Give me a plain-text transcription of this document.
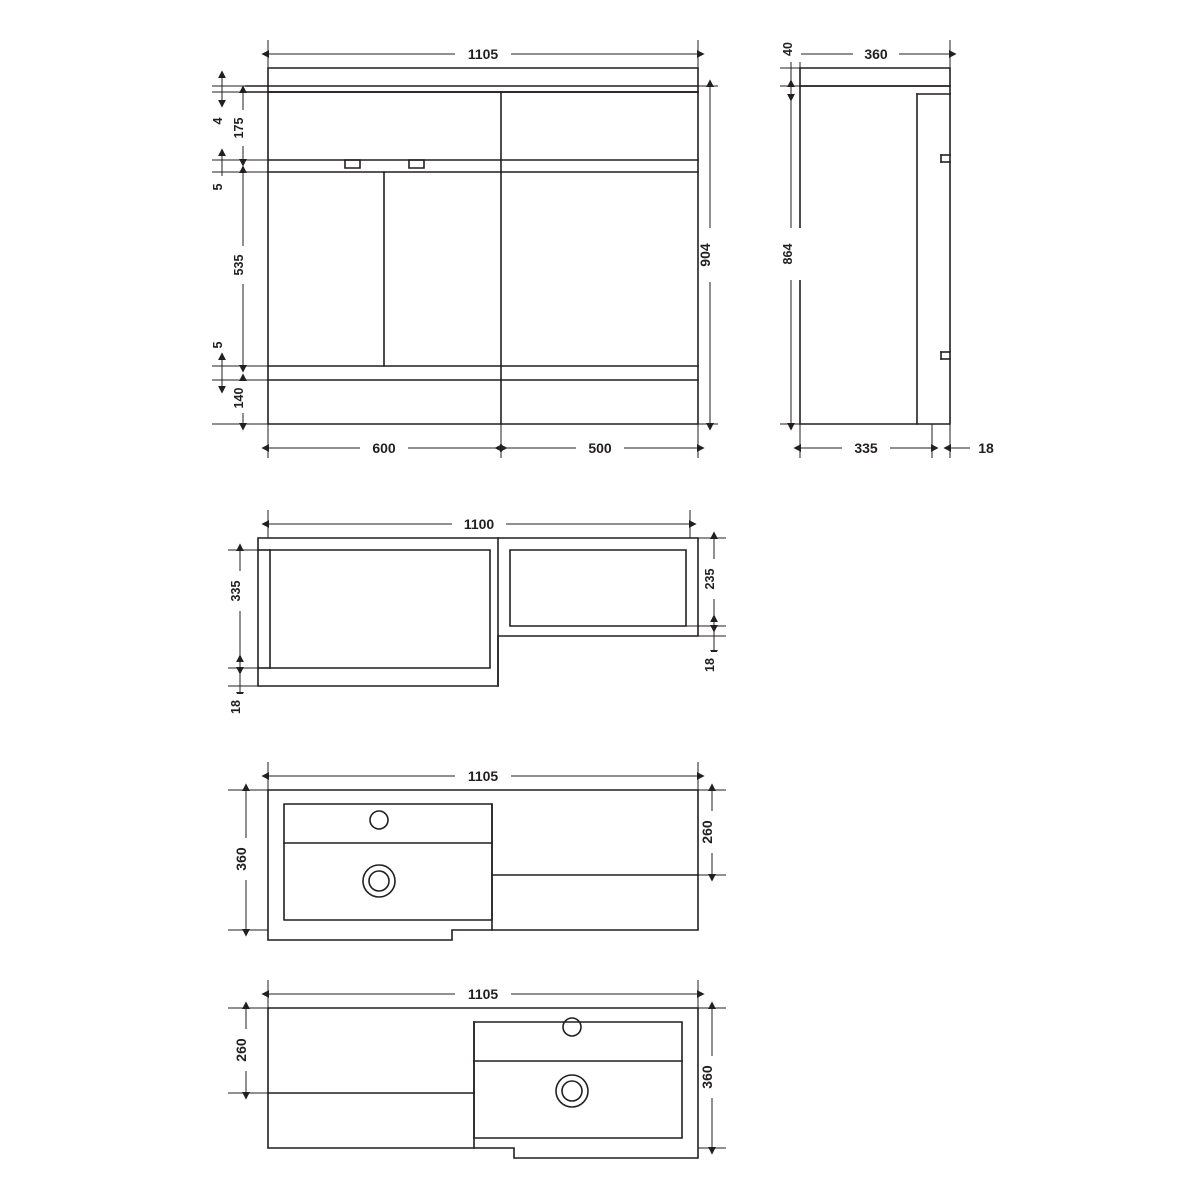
1105
904
4 175
5
535
5
140
600	500
360
40
864
335	18
1100
335
18
235
18
1105
360
260
1105
260
360
